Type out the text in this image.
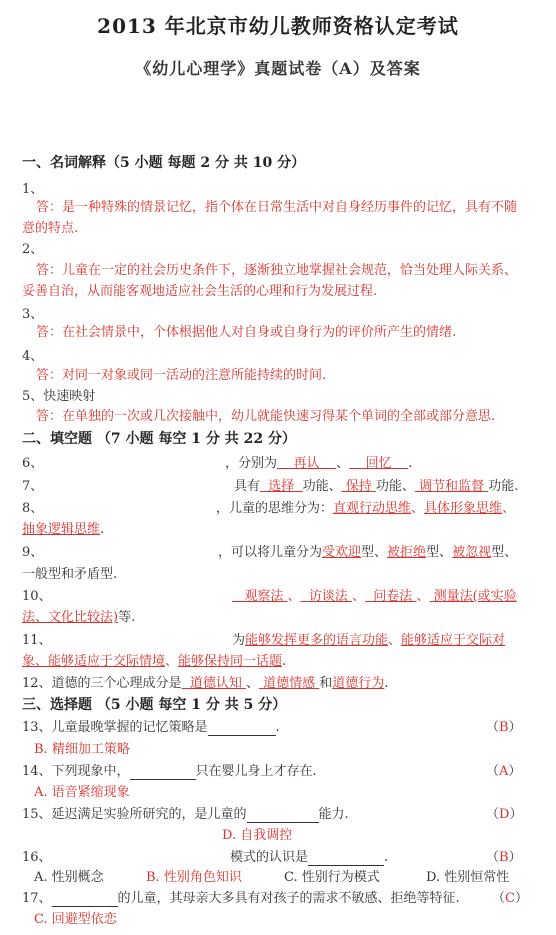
2013 年北京市幼儿教师资格认定考试
《幼儿心理学》真题试卷（A）及答案
一、名词解释（5 小题 每题 2 分 共 10 分）
1、
答：是一种特殊的情景记忆，指个体在日常生活中对自身经历事件的记忆，具有不随
意的特点.
2、
答：儿童在一定的社会历史条件下，逐渐独立地掌握社会规范，恰当处理人际关系、
妥善自治，从而能客观地适应社会生活的心理和行为发展过程.
3、
答：在社会情景中，个体根据他人对自身或自身行为的评价所产生的情绪.
4、
答：对同一对象或同一活动的注意所能持续的时间.
5、快速映射
答：在单独的一次或几次接触中，幼儿就能快速习得某个单词的全部或部分意思.
二、填空题 （7 小题 每空 1 分 共 22 分）
6、	，分别为 再认 、 回忆 .
7、	具有 选择 功能、 保持 功能、 调节和监督 功能.
8、	，儿童的思维分为：直观行动思维、具体形象思维、
抽象逻辑思维.
9、	，可以将儿童分为受欢迎型、被拒绝型、被忽视型、
一般型和矛盾型.
10、	观察法 、 访谈法 、 问卷法 、 测量法(或实验
法、文化比较法)等.
11、	为能够发挥更多的语言功能、能够适应于交际对
象、能够适应于交际情境、能够保持同一话题.
12、道德的三个心理成分是 道德认知 、 道德情感 和道德行为.
三、选择题 （5 小题 每空 1 分 共 5 分）
13、儿童最晚掌握的记忆策略是	.	（B）
B. 精细加工策略
14、下列现象中，	只在婴儿身上才存在.	（A）
A. 语音紧缩现象
15、延迟满足实验所研究的，是儿童的	能力.	（D）
D. 自我调控
16、	模式的认识是	.	（B）
A. 性别概念	B. 性别角色知识	C. 性别行为模式	D. 性别恒常性
17、	的儿童，其母亲大多具有对孩子的需求不敏感、拒绝等特征. （C）
C. 回避型依恋
